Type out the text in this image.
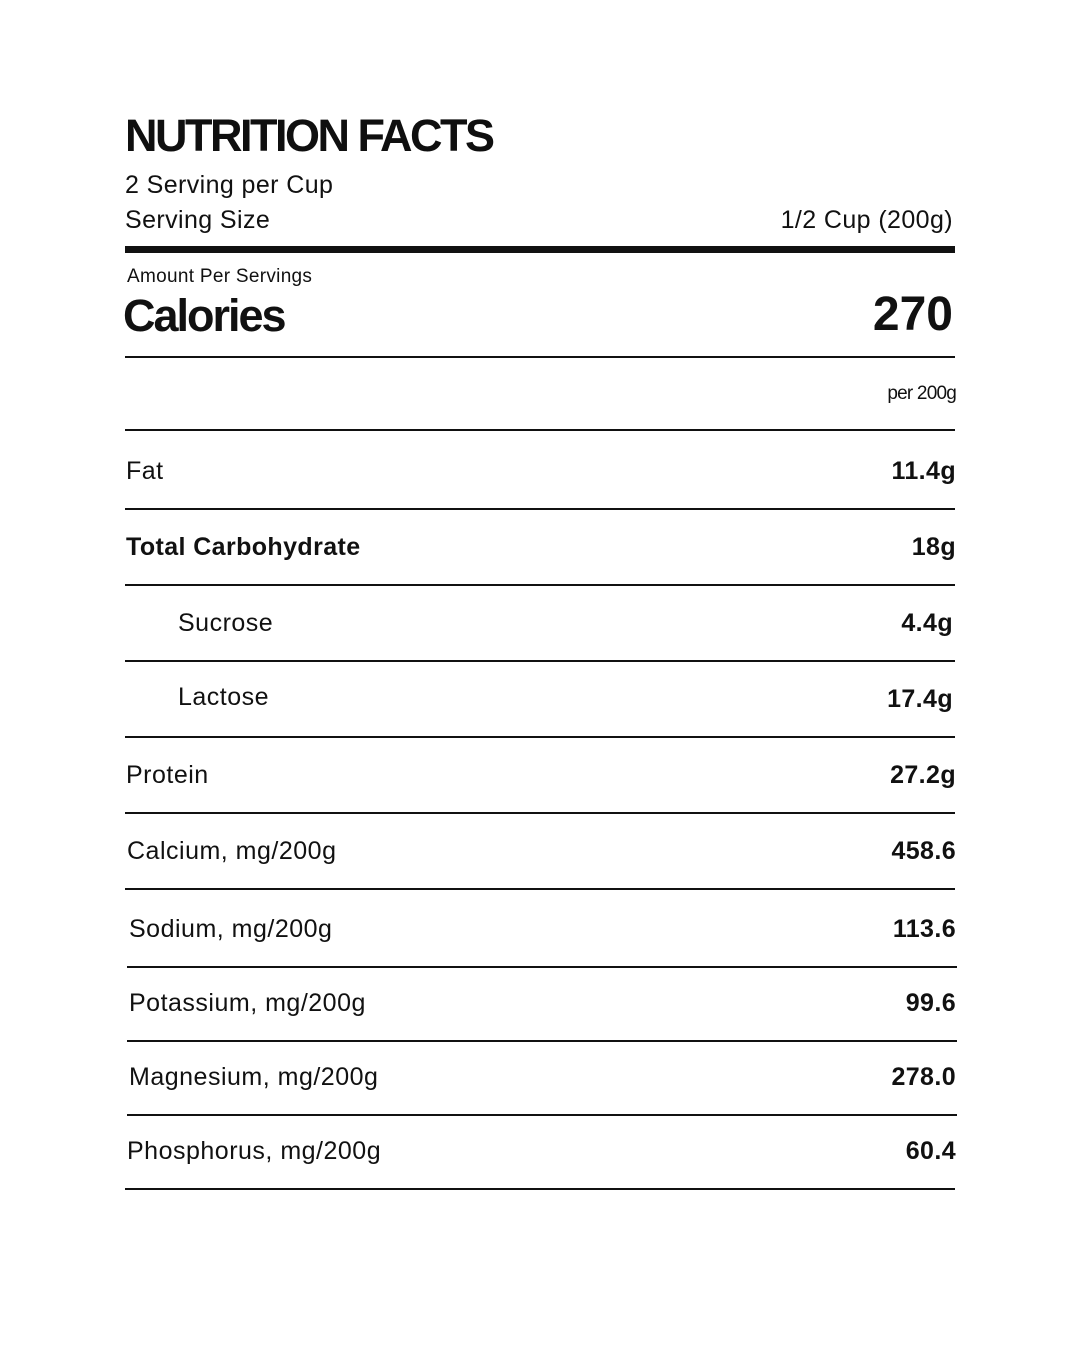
NUTRITION FACTS
2 Serving per Cup
Serving Size	1/2 Cup (200g)
Amount Per Servings
Calories	270
per 200g
Fat	11.4g
Total Carbohydrate	18g
Sucrose	4.4g
Lactose	17.4g
Protein	27.2g
Calcium, mg/200g	458.6
Sodium, mg/200g	113.6
Potassium, mg/200g	99.6
Magnesium, mg/200g	278.0
Phosphorus, mg/200g	60.4
